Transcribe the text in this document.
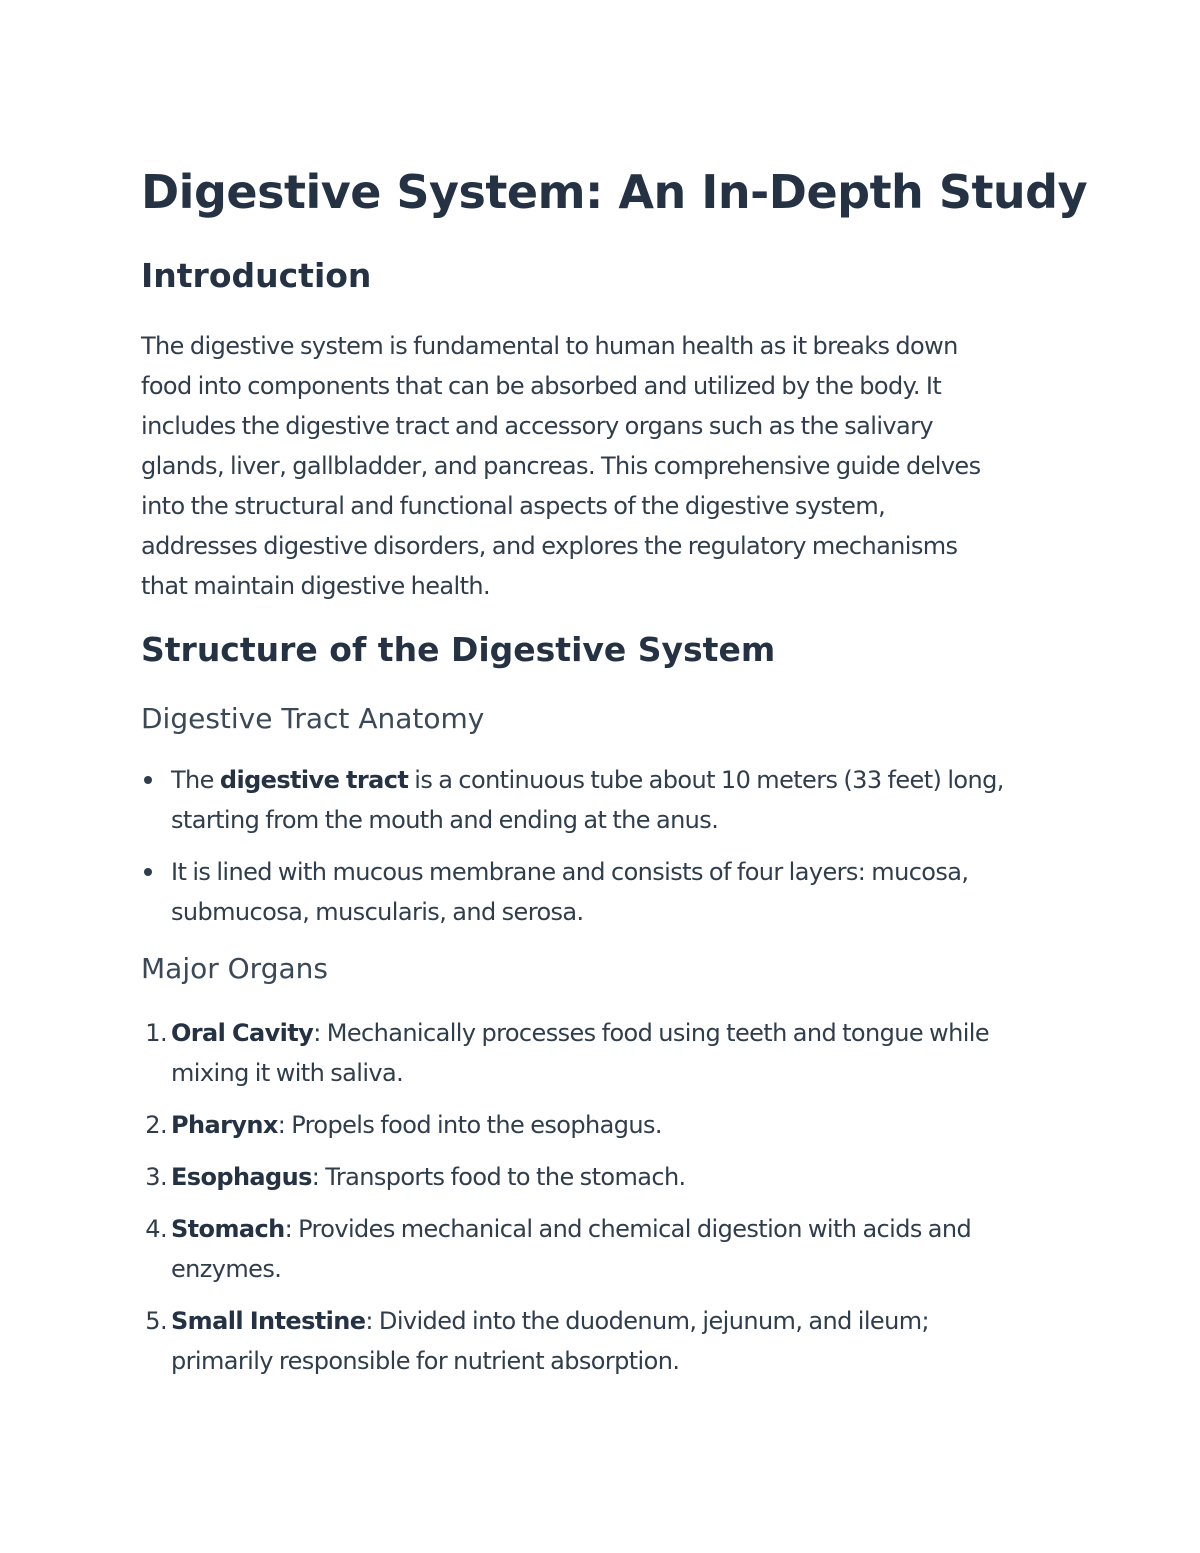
Digestive System: An In-Depth Study
Introduction

The digestive system is fundamental to human health as it breaks down
food into components that can be absorbed and utilized by the body. It
includes the digestive tract and accessory organs such as the salivary
glands, liver, gallbladder, and pancreas. This comprehensive guide delves
into the structural and functional aspects of the digestive system,
addresses digestive disorders, and explores the regulatory mechanisms
that maintain digestive health.

Structure of the Digestive System
Digestive Tract Anatomy
The digestive tract is a continuous tube about 10 meters (33 feet) long,
starting from the mouth and ending at the anus.
It is lined with mucous membrane and consists of four layers: mucosa,
submucosa, muscularis, and serosa.
Major Organs
1. Oral Cavity: Mechanically processes food using teeth and tongue while
mixing it with saliva.
2. Pharynx: Propels food into the esophagus.
3. Esophagus: Transports food to the stomach.
4. Stomach: Provides mechanical and chemical digestion with acids and
enzymes.
5. Small Intestine: Divided into the duodenum, jejunum, and ileum;
primarily responsible for nutrient absorption.
